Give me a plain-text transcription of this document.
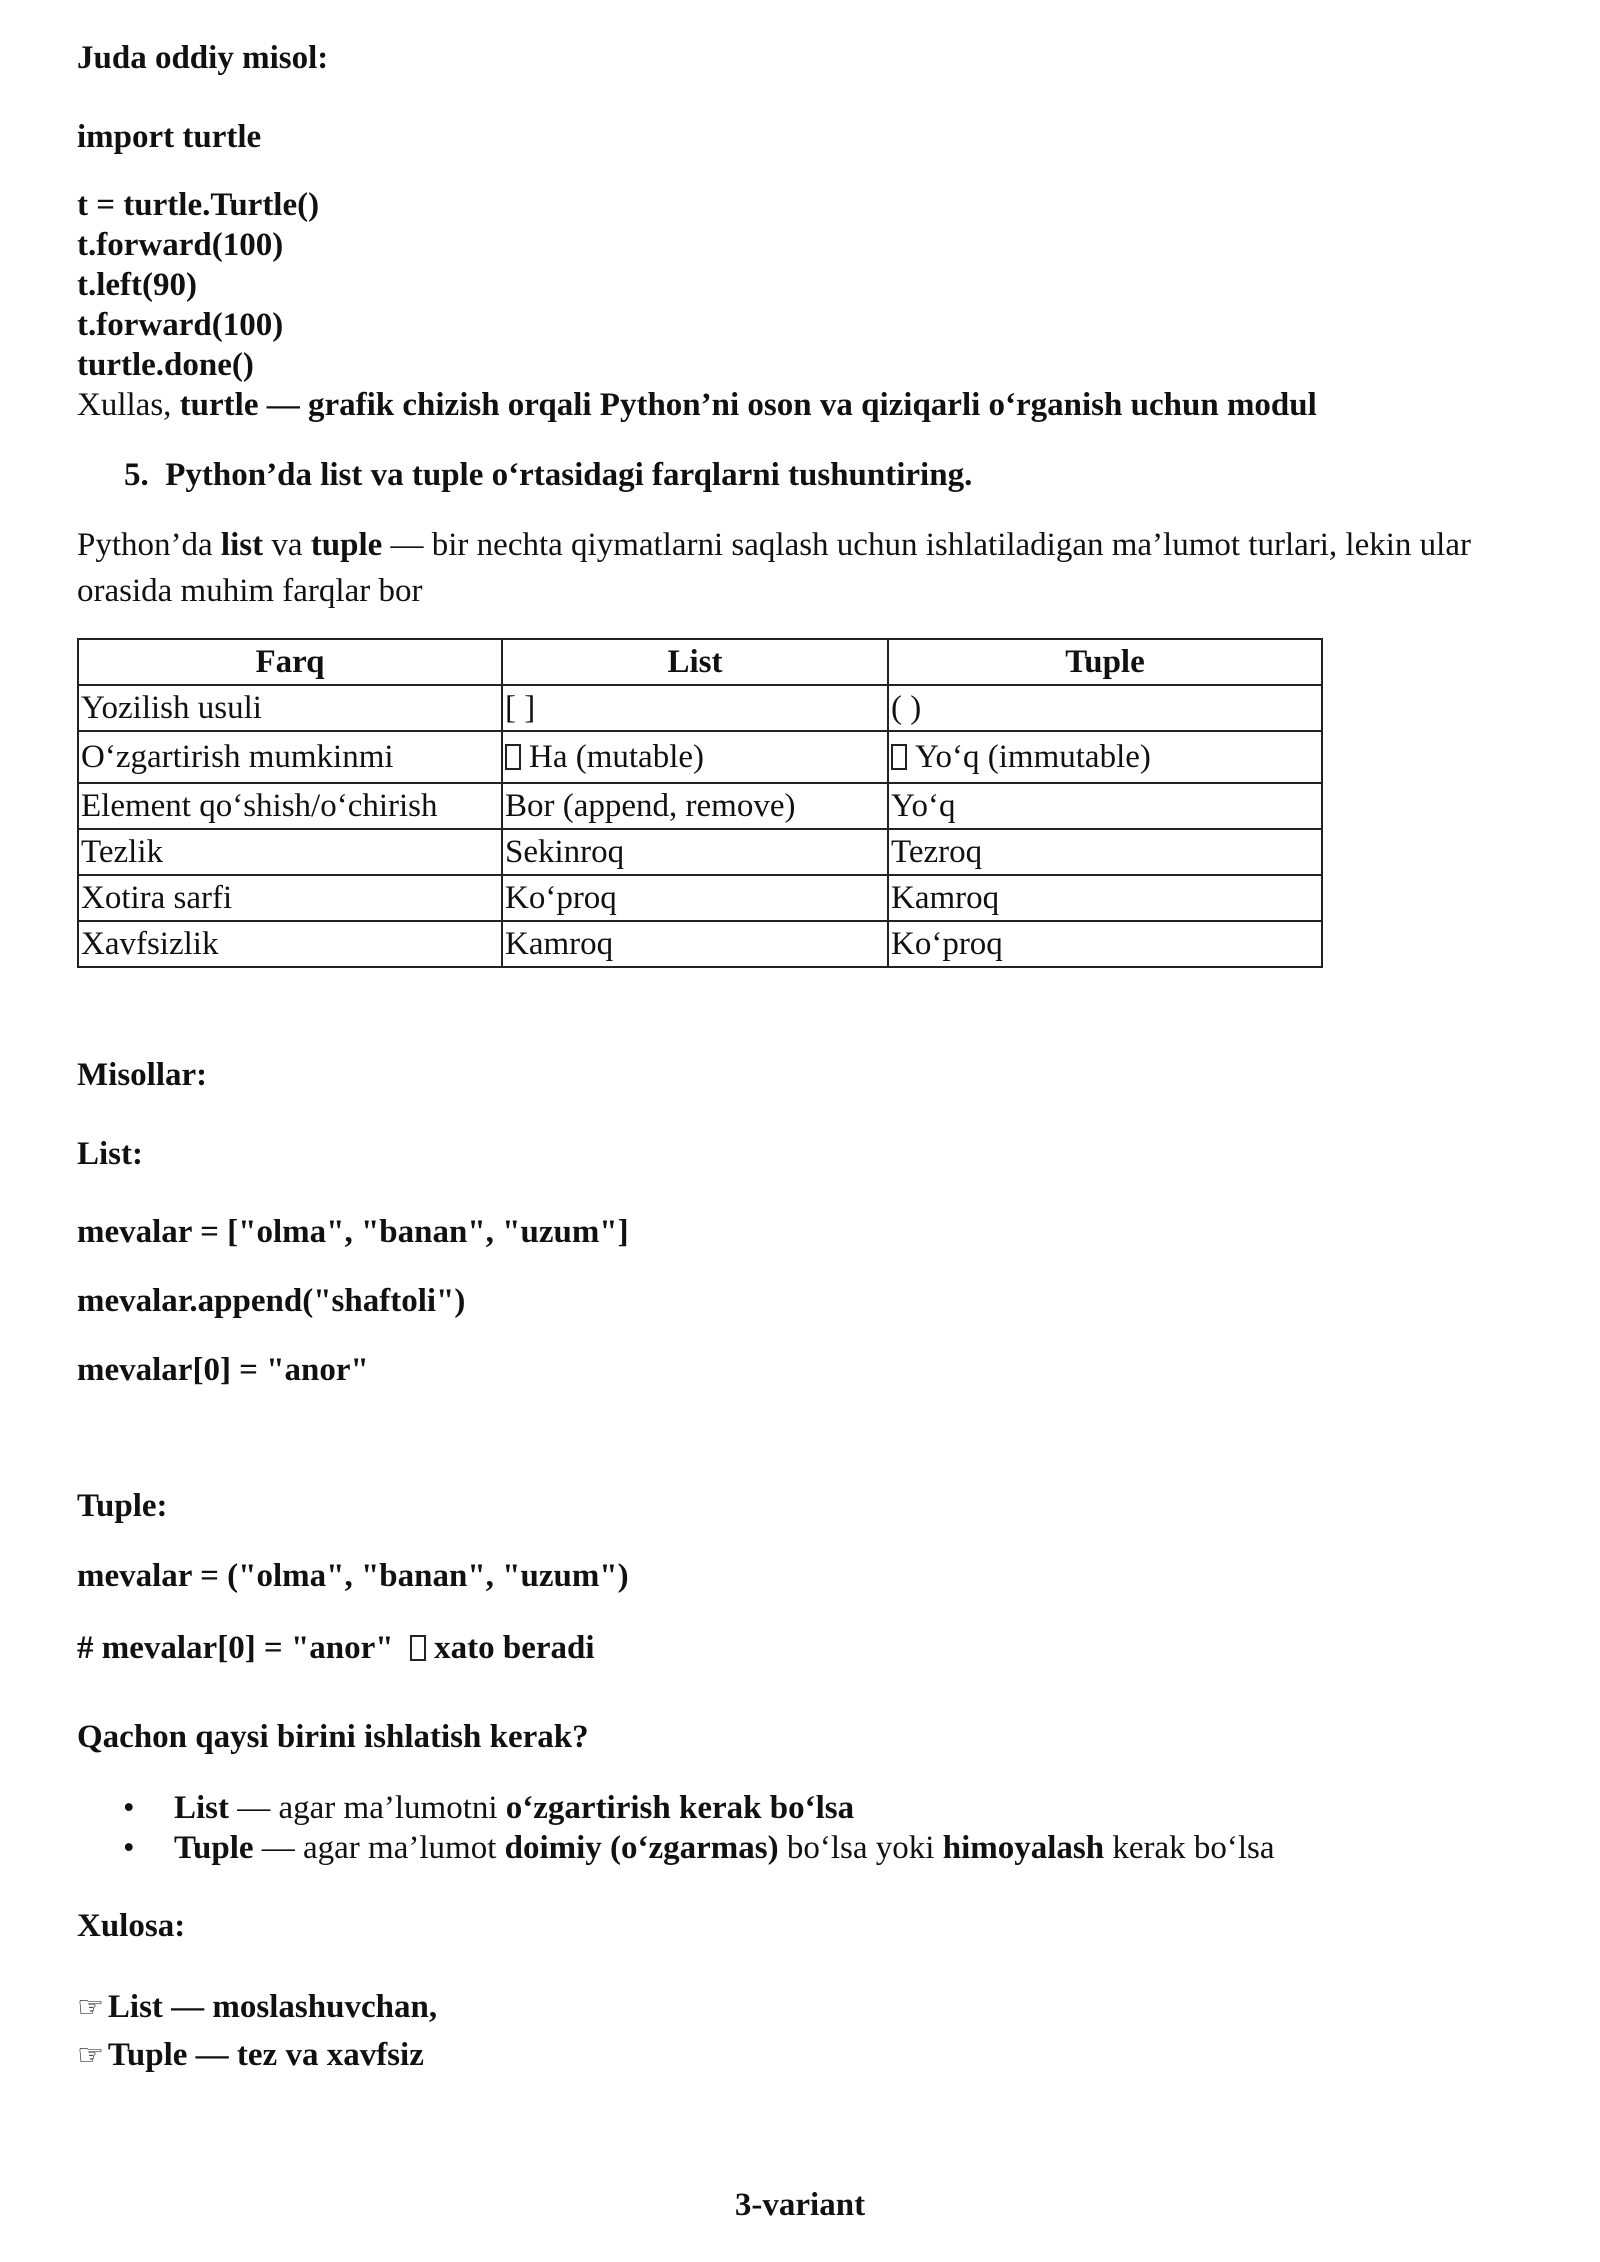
Juda oddiy misol:
import turtle
t = turtle.Turtle()
t.forward(100)
t.left(90)
t.forward(100)
turtle.done()
Xullas, turtle — grafik chizish orqali Python’ni oson va qiziqarli o‘rganish uchun modul
5. Python’da list va tuple o‘rtasidagi farqlarni tushuntiring.
Python’da list va tuple — bir nechta qiymatlarni saqlash uchun ishlatiladigan ma’lumot turlari, lekin ular orasida muhim farqlar bor
Farq	List	Tuple
Yozilish usuli	[ ]	( )
O‘zgartirish mumkinmi	Ha (mutable)	Yo‘q (immutable)
Element qo‘shish/o‘chirish	Bor (append, remove)	Yo‘q
Tezlik	Sekinroq	Tezroq
Xotira sarfi	Ko‘proq	Kamroq
Xavfsizlik	Kamroq	Ko‘proq
Misollar:
List:
mevalar = ["olma", "banan", "uzum"]
mevalar.append("shaftoli")
mevalar[0] = "anor"
Tuple:
mevalar = ("olma", "banan", "uzum")
# mevalar[0] = "anor" xato beradi
Qachon qaysi birini ishlatish kerak?
• List — agar ma’lumotni o‘zgartirish kerak bo‘lsa
• Tuple — agar ma’lumot doimiy (o‘zgarmas) bo‘lsa yoki himoyalash kerak bo‘lsa
Xulosa:
☞ List — moslashuvchan,
☞ Tuple — tez va xavfsiz
3-variant
